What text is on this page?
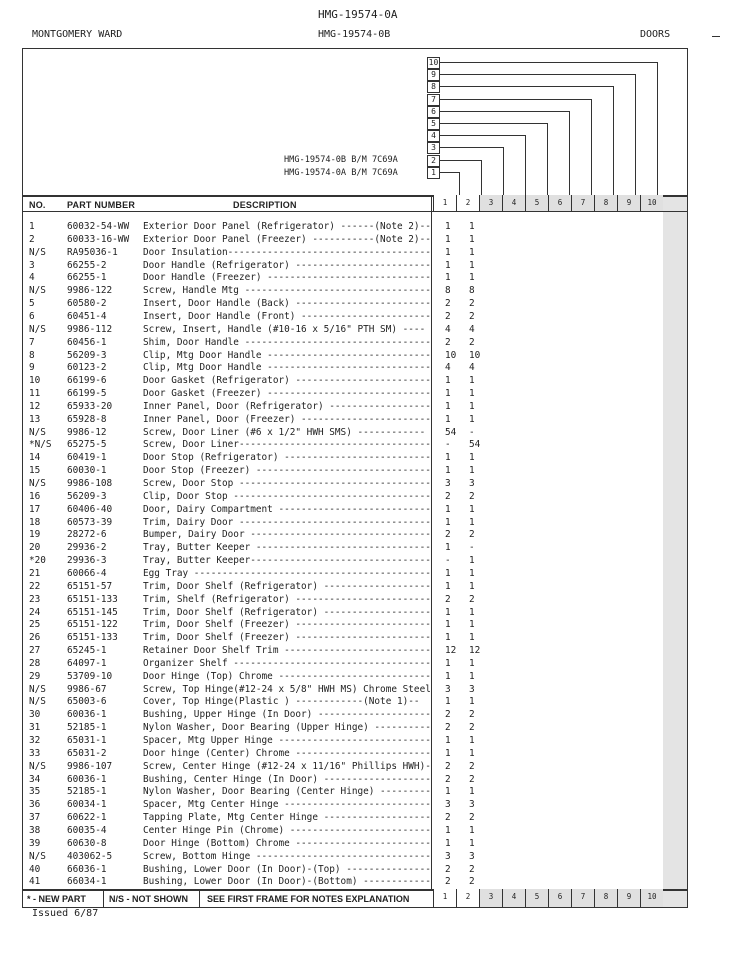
HMG-19574-0A
MONTGOMERY WARD	HMG-19574-0B	DOORS
10
9
8
7
6
5
4
3
2
1
HMG-19574-0B B/M 7C69A
HMG-19574-0A B/M 7C69A
NO. PART NUMBER	DESCRIPTION	1	2	3	4	5	6	7	8	9	10
1	60032-54-WW Exterior Door Panel (Refrigerator) ------(Note 2)-- 1 1
2	60033-16-WW Exterior Door Panel (Freezer) -----------(Note 2)-- 1 1
N/S RA95036-1	Door Insulation------------------------------------ 1 1
3	66255-2	Door Handle (Refrigerator) ------------------------ 1 1
4	66255-1	Door Handle (Freezer) ----------------------------- 1 1
N/S 9986-122	Screw, Handle Mtg --------------------------------- 8 8
5	60580-2	Insert, Door Handle (Back) ------------------------ 2 2
6	60451-4	Insert, Door Handle (Front) ----------------------- 2 2
N/S 9986-112	Screw, Insert, Handle (#10-16 x 5/16" PTH SM) ---- 4 4
7	60456-1	Shim, Door Handle --------------------------------- 2 2
8	56209-3	Clip, Mtg Door Handle ----------------------------- 10 10
9	60123-2	Clip, Mtg Door Handle ----------------------------- 4 4
10	66199-6	Door Gasket (Refrigerator) ------------------------ 1 1
11	66199-5	Door Gasket (Freezer) ----------------------------- 1 1
12	65933-20	Inner Panel, Door (Refrigerator) ------------------ 1 1
13	65928-8	Inner Panel, Door (Freezer) ----------------------- 1 1
N/S 9986-12	Screw, Door Liner (#6 x 1/2" HWH SMS) ------------ 54 -
*N/S 65275-5	Screw, Door Liner---------------------------------- - 54
14	60419-1	Door Stop (Refrigerator) -------------------------- 1 1
15	60030-1	Door Stop (Freezer) ------------------------------- 1 1
N/S 9986-108	Screw, Door Stop ---------------------------------- 3 3
16	56209-3	Clip, Door Stop ----------------------------------- 2 2
17	60406-40	Door, Dairy Compartment --------------------------- 1 1
18	60573-39	Trim, Dairy Door ---------------------------------- 1 1
19	28272-6	Bumper, Dairy Door -------------------------------- 2 2
20	29936-2	Tray, Butter Keeper ------------------------------- 1 -
*20 29936-3	Tray, Butter Keeper-------------------------------- - 1
21	60066-4	Egg Tray ------------------------------------------ 1 1
22	65151-57	Trim, Door Shelf (Refrigerator) ------------------- 1 1
23	65151-133	Trim, Shelf (Refrigerator) ------------------------ 2 2
24	65151-145	Trim, Door Shelf (Refrigerator) ------------------- 1 1
25	65151-122	Trim, Door Shelf (Freezer) ------------------------ 1 1
26	65151-133	Trim, Door Shelf (Freezer) ------------------------ 1 1
27	65245-1	Retainer Door Shelf Trim -------------------------- 12 12
28	64097-1	Organizer Shelf ----------------------------------- 1 1
29	53709-10	Door Hinge (Top) Chrome --------------------------- 1 1
N/S 9986-67	Screw, Top Hinge(#12-24 x 5/8" HWH MS) Chrome Steel 3 3
N/S 65003-6	Cover, Top Hinge(Plastic ) ------------(Note 1)--	1 1
30	60036-1	Bushing, Upper Hinge (In Door) -------------------- 2 2
31	52185-1	Nylon Washer, Door Bearing (Upper Hinge) ---------- 2 2
32	65031-1	Spacer, Mtg Upper Hinge --------------------------- 1 1
33	65031-2	Door hinge (Center) Chrome ------------------------ 1 1
N/S 9986-107	Screw, Center Hinge (#12-24 x 11/16" Phillips HWH)- 2 2
34	60036-1	Bushing, Center Hinge (In Door) ------------------- 2 2
35	52185-1	Nylon Washer, Door Bearing (Center Hinge) --------- 1 1
36	60034-1	Spacer, Mtg Center Hinge -------------------------- 3 3
37	60622-1	Tapping Plate, Mtg Center Hinge ------------------- 2 2
38	60035-4	Center Hinge Pin (Chrome) ------------------------- 1 1
39	60630-8	Door Hinge (Bottom) Chrome ------------------------ 1 1
N/S 403062-5	Screw, Bottom Hinge ------------------------------- 3 3
40	66036-1	Bushing, Lower Door (In Door)-(Top) --------------- 2 2
41	66034-1	Bushing, Lower Door (In Door)-(Bottom) ------------ 2 2
* - NEW PART	N/S - NOT SHOWN SEE FIRST FRAME FOR NOTES EXPLANATION	1	2	3	4	5	6	7	8	9	10
Issued 6/87
